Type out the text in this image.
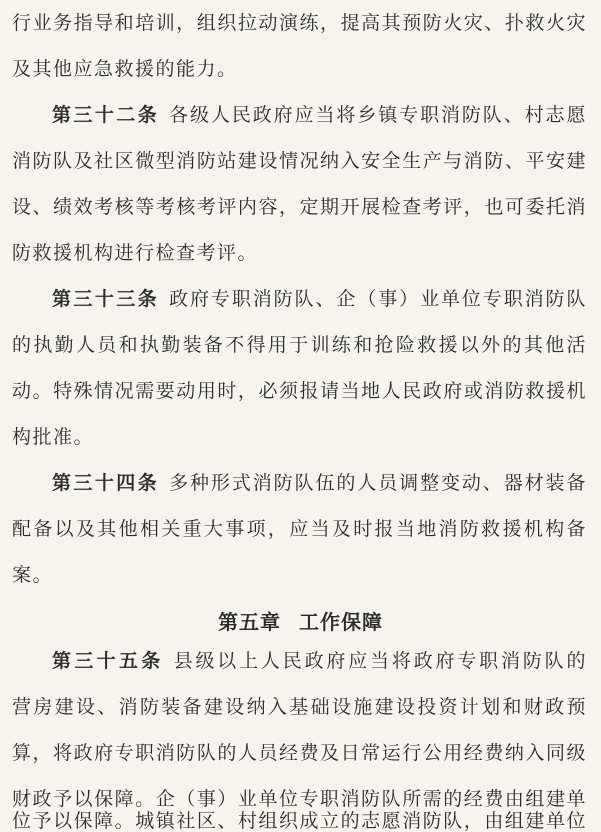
行业务指导和培训，组织拉动演练，提高其预防火灾、扑救火灾
及其他应急救援的能力。
第三十二条 各级人民政府应当将乡镇专职消防队、村志愿
消防队及社区微型消防站建设情况纳入安全生产与消防、平安建
设、绩效考核等考核考评内容，定期开展检查考评，也可委托消
防救援机构进行检查考评。
第三十三条 政府专职消防队、企（事）业单位专职消防队
的执勤人员和执勤装备不得用于训练和抢险救援以外的其他活
动。特殊情况需要动用时，必须报请当地人民政府或消防救援机
构批准。
第三十四条 多种形式消防队伍的人员调整变动、器材装备
配备以及其他相关重大事项，应当及时报当地消防救援机构备
案。
第五章 工作保障
第三十五条 县级以上人民政府应当将政府专职消防队的
营房建设、消防装备建设纳入基础设施建设投资计划和财政预
算，将政府专职消防队的人员经费及日常运行公用经费纳入同级
财政予以保障。企（事）业单位专职消防队所需的经费由组建单
位予以保障。城镇社区、村组织成立的志愿消防队，由组建单位
